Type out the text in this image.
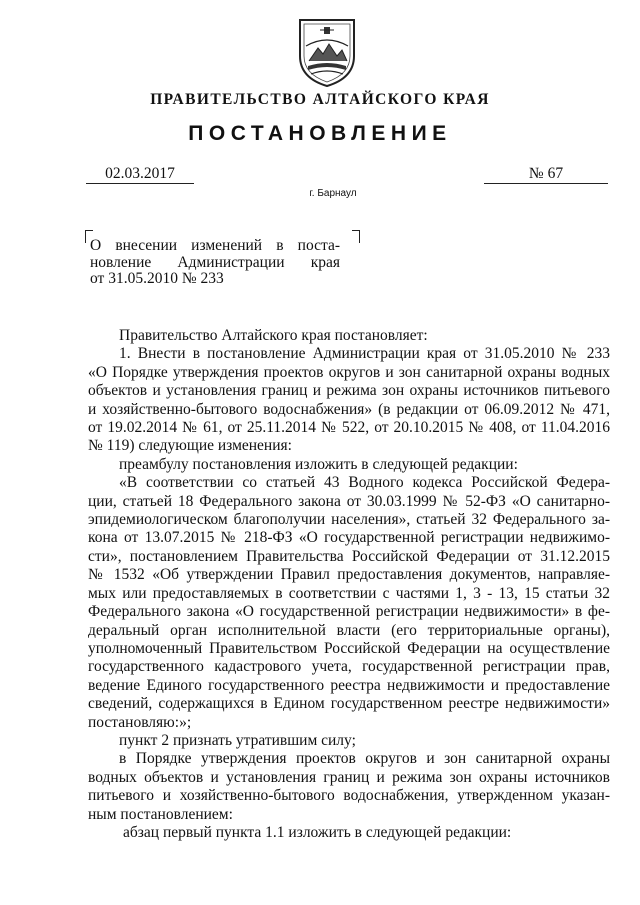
ПРАВИТЕЛЬСТВО АЛТАЙСКОГО КРАЯ
ПОСТАНОВЛЕНИЕ
02.03.2017	№ 67
г. Барнаул
О внесении изменений в поста-
новление Администрации края
от 31.05.2010 № 233
Правительство Алтайского края постановляет:
1. Внести в постановление Администрации края от 31.05.2010 № 233
«О Порядке утверждения проектов округов и зон санитарной охраны водных
объектов и установления границ и режима зон охраны источников питьевого
и хозяйственно-бытового водоснабжения» (в редакции от 06.09.2012 № 471,
от 19.02.2014 № 61, от 25.11.2014 № 522, от 20.10.2015 № 408, от 11.04.2016
№ 119) следующие изменения:
преамбулу постановления изложить в следующей редакции:
«В соответствии со статьей 43 Водного кодекса Российской Федера-
ции, статьей 18 Федерального закона от 30.03.1999 № 52-ФЗ «О санитарно-
эпидемиологическом благополучии населения», статьей 32 Федерального за-
кона от 13.07.2015 № 218-ФЗ «О государственной регистрации недвижимо-
сти», постановлением Правительства Российской Федерации от 31.12.2015
№ 1532 «Об утверждении Правил предоставления документов, направляе-
мых или предоставляемых в соответствии с частями 1, 3 - 13, 15 статьи 32
Федерального закона «О государственной регистрации недвижимости» в фе-
деральный орган исполнительной власти (его территориальные органы),
уполномоченный Правительством Российской Федерации на осуществление
государственного кадастрового учета, государственной регистрации прав,
ведение Единого государственного реестра недвижимости и предоставление
сведений, содержащихся в Едином государственном реестре недвижимости»
постановляю:»;
пункт 2 признать утратившим силу;
в Порядке утверждения проектов округов и зон санитарной охраны
водных объектов и установления границ и режима зон охраны источников
питьевого и хозяйственно-бытового водоснабжения, утвержденном указан-
ным постановлением:
абзац первый пункта 1.1 изложить в следующей редакции:
